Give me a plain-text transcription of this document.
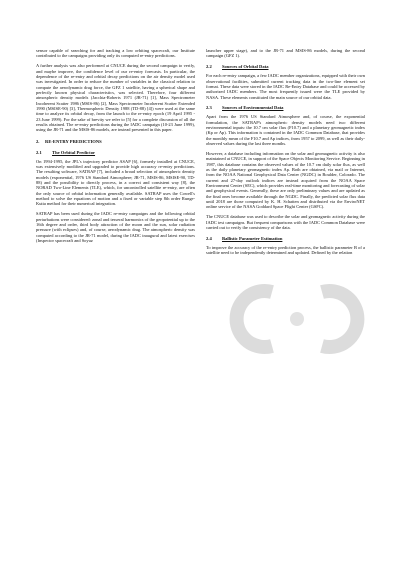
sensor capable of searching for and tracking a low orbiting spacecraft, our Institute contributed to the campaigns providing only its computed re-entry predictions.

A further analysis was also performed at CNUCE during the second campaign to verify, and maybe improve, the confidence level of our re-entry forecasts. In particular, the dependence of the re-entry and orbital decay predictions on the air density model used was investigated. In order to reduce the number of variables in the classical relation to compute the aerodynamic drag force, the GFZ 1 satellite, having a spherical shape and perfectly known physical characteristics, was selected. Therefore, four different atmospheric density models (Jacchia-Roberts 1971 (JR-71) [1], Mass Spectrometer Incoherent Scatter 1986 (MSIS-86) [2], Mass Spectrometer Incoherent Scatter Extended 1990 (MSISE-90) [3], Thermospheric Density 1988 (TD-88) [4]) were used at the same time to analyze its orbital decay, from the launch to the re-entry epoch (19 April 1995 - 23 June 1999). For the sake of brevity we refer to [5] for a complete discussion of all the results obtained. The re-entry predictions during the IADC campaign (10-23 June 1999), using the JR-71 and the MSIS-86 models, are instead presented in this paper.

2. RE-ENTRY PREDICTIONS
2.1 The Orbital Predictor

On 1994-1995, the JPL's trajectory predictor ASAP [6], formerly installed at CNUCE, was extensively modified and upgraded to provide high accuracy re-entry predictions. The resulting software, SATRAP [7], included a broad selection of atmospheric density models (exponential, 1976 US Standard Atmosphere; JR-71, MSIS-86, MSISE-90, TD-88) and the possibility to directly process, in a correct and consistent way [8], the NORAD Two-Line Elements (TLE), which, for uncontrolled satellite re-entry, are often the only source of orbital information generally available. SATRAP uses the Cowell's method to solve the equations of motion and a fixed or variable step 8th order Runge-Kutta method for their numerical integration.

SATRAP has been used during the IADC re-entry campaigns and the following orbital perturbations were considered: zonal and tesseral harmonics of the geopotential up to the 16th degree and order, third body attraction of the moon and the sun, solar radiation pressure (with eclipses) and, of course, aerodynamic drag. The atmospheric density was computed according to the JR-71 model, during the IADC inaugural and latest exercises (Inspector spacecraft and Soyuz

launcher upper stage), and to the JR-71 and MSIS-86 models, during the second campaign (GFZ 1).

2.2 Sources of Orbital Data

For each re-entry campaign, a few IADC member organizations, equipped with their own observational facilities, submitted current tracking data in the two-line element set format. These data were stored in the IADC Re-Entry Database and could be accessed by authorized IADC members. The most frequently issued were the TLE provided by NASA. These elements constituted the main source of our orbital data.

2.3 Sources of Environmental Data

Apart from the 1976 US Standard Atmosphere and, of course, the exponential formulation, the SATRAP's atmospheric density models need two different environmental inputs: the 10.7 cm solar flux (F10.7) and a planetary geomagnetic index (Kp or Ap). This information is contained in the IADC Common Database, that provides the monthly mean of the F10.7 and Ap indices, from 1957 to 2099, as well as their daily-observed values during the last three months.

However, a database including information on the solar and geomagnetic activity is also maintained at CNUCE, in support of the Space Objects Monitoring Service. Beginning in 1987, this database contains the observed values of the 10.7 cm daily solar flux, as well as the daily planetary geomagnetic index Ap. Both are obtained, via mail or Internet, from the NOAA National Geophysical Data Center (NGDC) in Boulder, Colorado. The current and 27-day outlook indices are instead acquired from the NOAA Space Environment Center (SEC), which provides real-time monitoring and forecasting of solar and geophysical events. Generally, these are only preliminary values and are updated as the final ones become available through the NGDC. Finally, the predicted solar flux data until 2018 are those computed by K. H. Schatten and distributed via the EnviroNET online service of the NASA Goddard Space Flight Center (GSFC).

The CNUCE database was used to describe the solar and geomagnetic activity during the IADC test campaigns. But frequent comparisons with the IADC Common Database were carried out to verify the consistency of the data.

2.4 Ballistic Parameter Estimation

To improve the accuracy of the re-entry prediction process, the ballistic parameter B of a satellite need to be independently determined and updated. Defined by the relation
